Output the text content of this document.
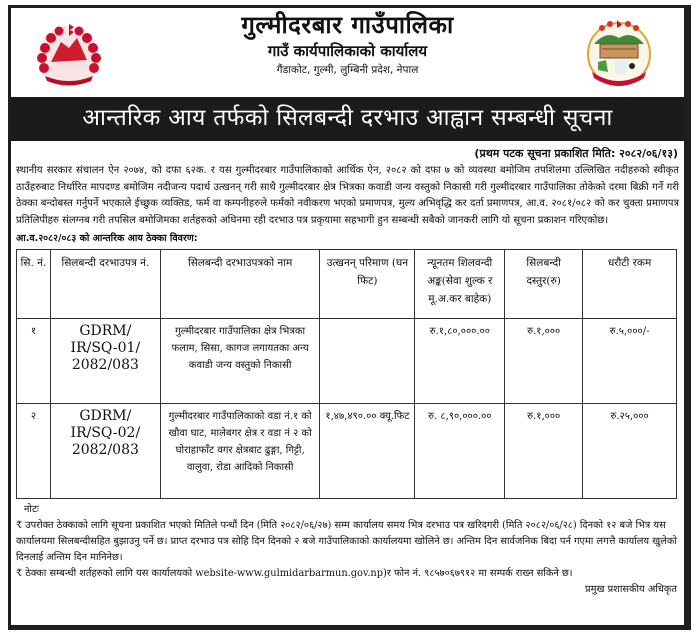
गुल्मीदरबार गाउँपालिका
गाउँ कार्यपालिकाको कार्यालय
गैंडाकोट, गुल्मी, लुम्बिनी प्रदेश, नेपाल
आन्तरिक आय तर्फको सिलबन्दी दरभाउ आह्वान सम्बन्धी सूचना
(प्रथम पटक सूचना प्रकाशित मिति: २०८२/०६/१३)
स्थानीय सरकार संचालन ऐन २०७४, को दफा ६२क. र यस गुल्मीदरबार गाउँपालिकाको आर्थिक ऐन, २०८२ को दफा ७ को व्यवस्था बमोजिम तपशिलमा उल्लिखित नदीहरुको स्वीकृत ठाउँहरुबाट निर्धारित मापदण्ड बमोजिम नदीजन्य पदार्थ उत्खनन् गरी साथै गुल्मीदरबार क्षेत्र भित्रका कवाडी जन्य वस्तुको निकासी गरी गुल्मीदरबार गाउँपालिका तोकेको दरमा बिक्री गर्ने गरी ठेक्का बन्दोबस्त गर्नुपर्ने भएकाले ईच्छुक व्यक्तिड, फर्म वा कम्पनीहरुले फर्मको नवीकरण भएको प्रमाणपत्र, मुल्य अभिवृद्धि कर दर्ता प्रमाणपत्र, आ.व. २०८१/०८२ को कर चुक्ता प्रमाणपत्र प्रतिलिपीहरु संलग्नब गरी तपसिल बमोजिमका शर्तहरुको अधिनमा रही दरभाउ पत्र प्रकृयामा सहभागी हुन सम्बन्धी सबैको जानकरी लागि यो सूचना प्रकाशन गरिएकोछ।
आ.व.२०८२/०८३ को आन्तरिक आय ठेक्का विवरण:
सि. नं.	सिलबन्दी दरभाउपत्र नं.	सिलबन्दी दरभाउपत्रको नाम	उत्खनन् परिमाण (घन फिट)	न्यूनतम शिलवन्दी अङ्क(सेवा शुल्क र मू.अ.कर बाहेक)	सिलबन्दी दस्तुर(रु)	धरौटी रकम
१	GDRM/ IR/SQ-01/ 2082/083	गुल्मीदरबार गाउँपालिका क्षेत्र भित्रका फलाम, सिसा, कागज लगायतका अन्य कवाडी जन्य वस्तुको निकासी		रु.१,८०,०००.००	रु.१,०००	रु.५,०००/-
२	GDRM/ IR/SQ-02/ 2082/083	गुल्मीदरबार गाउँपालिकाको वडा नं.१ को खौवा घाट, मालेबगर क्षेत्र र वडा नं २ को घोराहाफाँट वगर क्षेत्रबाट ढुङ्गा, गिट्टी, वालुवा, रोडा आदिको निकासी	१,४७,४९०.०० क्यू.फिट	रु. ८,९०,०००.००	रु.१,०००	रु.२५,०००
नोटः
₹ उपरोक्त ठेक्काको लागि सूचना प्रकाशित भएको मितिले पन्धौं दिन (मिति २०८२/०६/२७) सम्म कार्यालय समय भित्र दरभाउ पत्र खरिदगरी (मिति २०८२/०६/२८) दिनको १२ बजे भित्र यस कार्यालयमा सिलबन्दीसहित बुझाउनु पर्ने छ। प्राप्त दरभाउ पत्र सोहि दिन दिनको २ बजे गाउँपालिकाको कार्यालयमा खोलिने छ। अन्तिम दिन सार्वजनिक बिदा पर्न गएमा लगत्तै कार्यालय खुलेको दिनलाई अन्तिम दिन मानिनेछ।
₹ ठेक्का सम्बन्धी शर्तहरुको लागि यस कार्यालयको website-www.gulmidarbarmun.gov.np)र फोन नं. ९८५७०६७९१२ मा सम्पर्क राख्न सकिने छ।
प्रमुख प्रशासकीय अधिकृत
